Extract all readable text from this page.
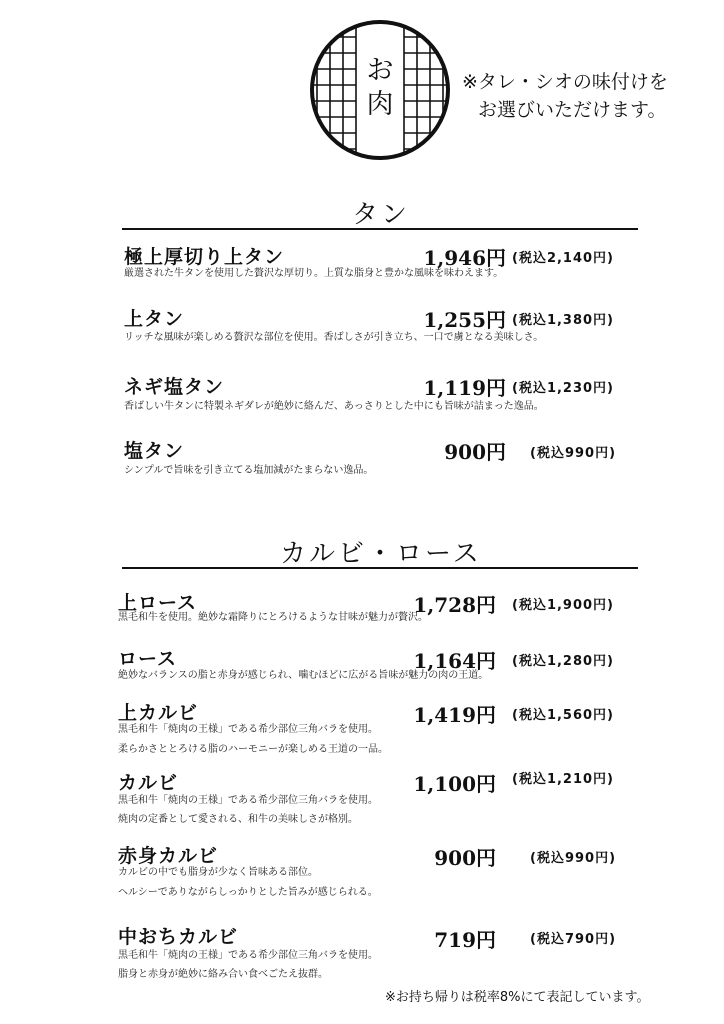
お
肉
※タレ・シオの味付けを
お選びいただけます。
タン
極上厚切り上タン	1,946円 (税込2,140円)
厳選された牛タンを使用した贅沢な厚切り。上質な脂身と豊かな風味を味わえます。
上タン	1,255円 (税込1,380円)
リッチな風味が楽しめる贅沢な部位を使用。香ばしさが引き立ち、一口で虜となる美味しさ。
ネギ塩タン	1,119円 (税込1,230円)
香ばしい牛タンに特製ネギダレが絶妙に絡んだ、あっさりとした中にも旨味が詰まった逸品。
塩タン	900円 (税込990円)
シンプルで旨味を引き立てる塩加減がたまらない逸品。
カルビ・ロース
上ロース	1,728円 (税込1,900円)
黒毛和牛を使用。絶妙な霜降りにとろけるような甘味が魅力が贅沢。
ロース	1,164円 (税込1,280円)
絶妙なバランスの脂と赤身が感じられ、噛むほどに広がる旨味が魅力の肉の王道。
上カルビ	1,419円 (税込1,560円)
黒毛和牛「焼肉の王様」である希少部位三角バラを使用。
柔らかさととろける脂のハーモニーが楽しめる王道の一品。
カルビ	1,100円 (税込1,210円)
黒毛和牛「焼肉の王様」である希少部位三角バラを使用。
焼肉の定番として愛される、和牛の美味しさが格別。
赤身カルビ	900円	(税込990円)
カルビの中でも脂身が少なく旨味ある部位。
ヘルシーでありながらしっかりとした旨みが感じられる。
中おちカルビ	719円	(税込790円)
黒毛和牛「焼肉の王様」である希少部位三角バラを使用。
脂身と赤身が絶妙に絡み合い食べごたえ抜群。
※お持ち帰りは税率8%にて表記しています。
